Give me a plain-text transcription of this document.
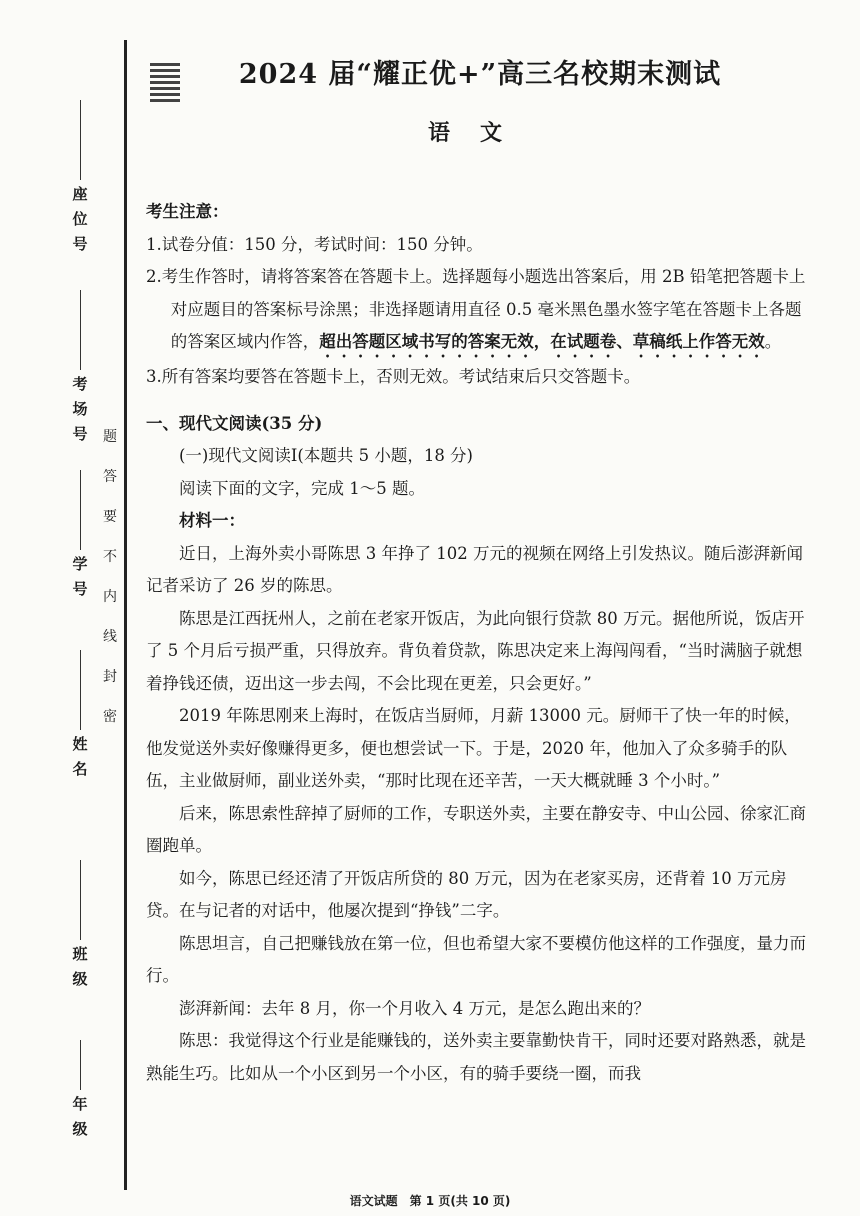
题
答
要
不
内
线
封
密
座位号
考场号
学号
姓名
班级
年级
2024 届“耀正优+”高三名校期末测试
语文

考生注意：

1.试卷分值：150 分，考试时间：150 分钟。

2.考生作答时，请将答案答在答题卡上。选择题每小题选出答案后，用 2B 铅笔把答题卡上对应题目的答案标号涂黑；非选择题请用直径 0.5 毫米黑色墨水签字笔在答题卡上各题的答案区域内作答，超出答题区域书写的答案无效，在试题卷、草稿纸上作答无效。

3.所有答案均要答在答题卡上，否则无效。考试结束后只交答题卡。

一、现代文阅读(35 分)

(一)现代文阅读Ⅰ(本题共 5 小题，18 分)

阅读下面的文字，完成 1～5 题。

材料一：

近日，上海外卖小哥陈思 3 年挣了 102 万元的视频在网络上引发热议。随后澎湃新闻记者采访了 26 岁的陈思。

陈思是江西抚州人，之前在老家开饭店，为此向银行贷款 80 万元。据他所说，饭店开了 5 个月后亏损严重，只得放弃。背负着贷款，陈思决定来上海闯闯看，“当时满脑子就想着挣钱还债，迈出这一步去闯，不会比现在更差，只会更好。”

2019 年陈思刚来上海时，在饭店当厨师，月薪 13000 元。厨师干了快一年的时候，他发觉送外卖好像赚得更多，便也想尝试一下。于是，2020 年，他加入了众多骑手的队伍，主业做厨师，副业送外卖，“那时比现在还辛苦，一天大概就睡 3 个小时。”

后来，陈思索性辞掉了厨师的工作，专职送外卖，主要在静安寺、中山公园、徐家汇商圈跑单。

如今，陈思已经还清了开饭店所贷的 80 万元，因为在老家买房，还背着 10 万元房贷。在与记者的对话中，他屡次提到“挣钱”二字。

陈思坦言，自己把赚钱放在第一位，但也希望大家不要模仿他这样的工作强度，量力而行。

澎湃新闻：去年 8 月，你一个月收入 4 万元，是怎么跑出来的？

陈思：我觉得这个行业是能赚钱的，送外卖主要靠勤快肯干，同时还要对路熟悉，就是熟能生巧。比如从一个小区到另一个小区，有的骑手要绕一圈，而我

语文试题　第 1 页(共 10 页)
